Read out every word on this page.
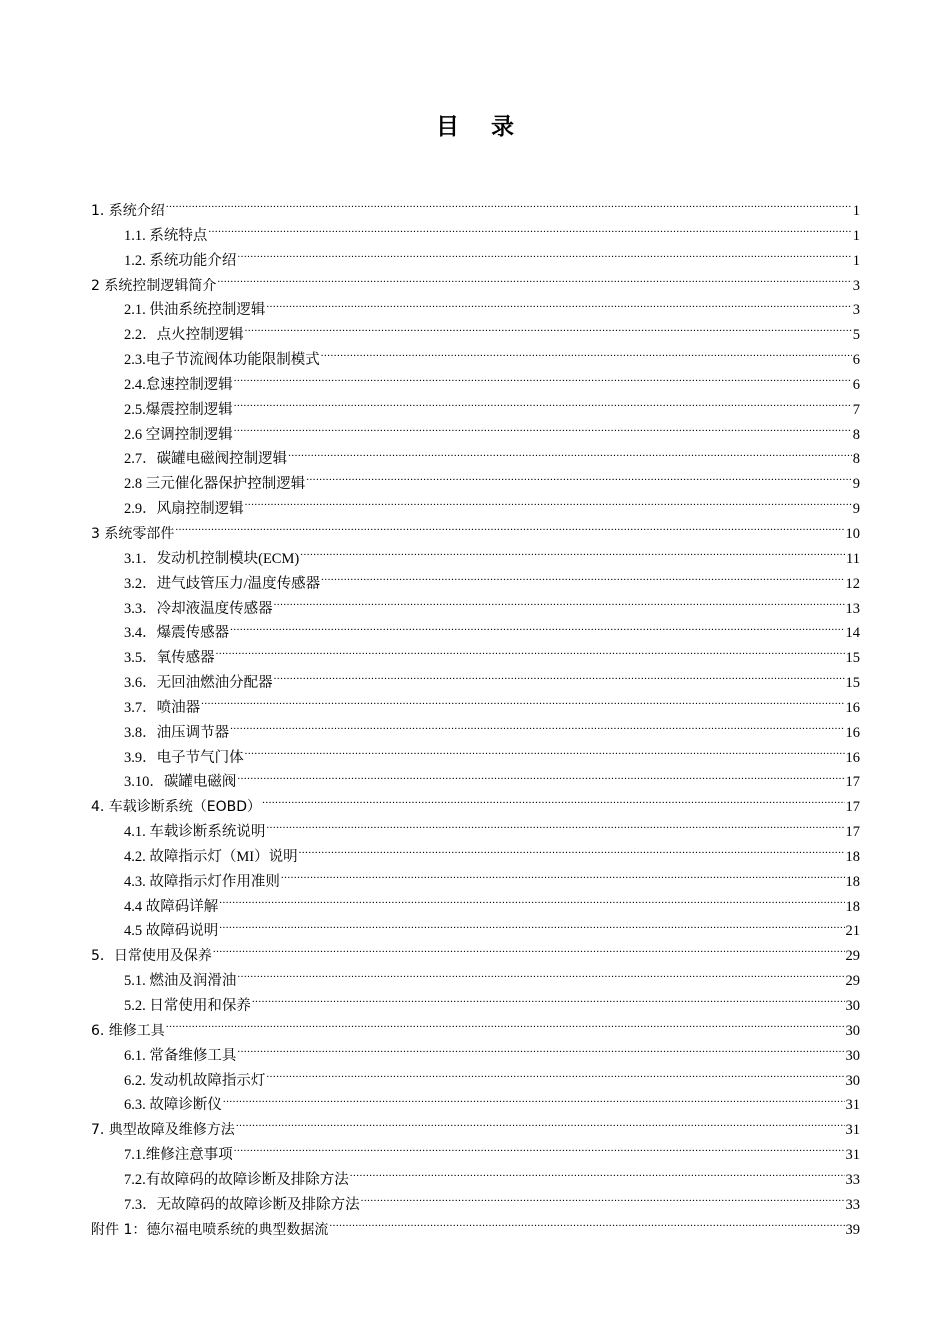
目录
1. 系统介绍 .....	1
1.1. 系统特点 .....	1
1.2. 系统功能介绍 .....	1
2 系统控制逻辑简介 .....	3
2.1. 供油系统控制逻辑 .....	3
2.2．点火控制逻辑 .....	5
2.3.电子节流阀体功能限制模式 .....	6
2.4.怠速控制逻辑 .....	6
2.5.爆震控制逻辑 .....	7
2.6 空调控制逻辑 .....	8
2.7．碳罐电磁阀控制逻辑 .....	8
2.8 三元催化器保护控制逻辑 .....	9
2.9．风扇控制逻辑 .....	9
3 系统零部件 .....	10
3.1．发动机控制模块(ECM) .....	11
3.2．进气歧管压力/温度传感器 .....	12
3.3．冷却液温度传感器 .....	13
3.4．爆震传感器 .....	14
3.5．氧传感器 .....	15
3.6．无回油燃油分配器 .....	15
3.7．喷油器 .....	16
3.8．油压调节器 .....	16
3.9．电子节气门体 .....	16
3.10．碳罐电磁阀 .....	17
4. 车载诊断系统（EOBD） .....	17
4.1. 车载诊断系统说明 .....	17
4.2. 故障指示灯（MI）说明 .....	18
4.3. 故障指示灯作用准则 .....	18
4.4 故障码详解 .....	18
4.5 故障码说明 .....	21
5．日常使用及保养 .....	29
5.1. 燃油及润滑油 .....	29
5.2. 日常使用和保养 .....	30
6. 维修工具 .....	30
6.1. 常备维修工具 .....	30
6.2. 发动机故障指示灯 .....	30
6.3. 故障诊断仪 .....	31
7. 典型故障及维修方法 .....	31
7.1.维修注意事项 .....	31
7.2.有故障码的故障诊断及排除方法 .....	33
7.3．无故障码的故障诊断及排除方法 .....	33
附件 1：德尔福电喷系统的典型数据流 .....	39
